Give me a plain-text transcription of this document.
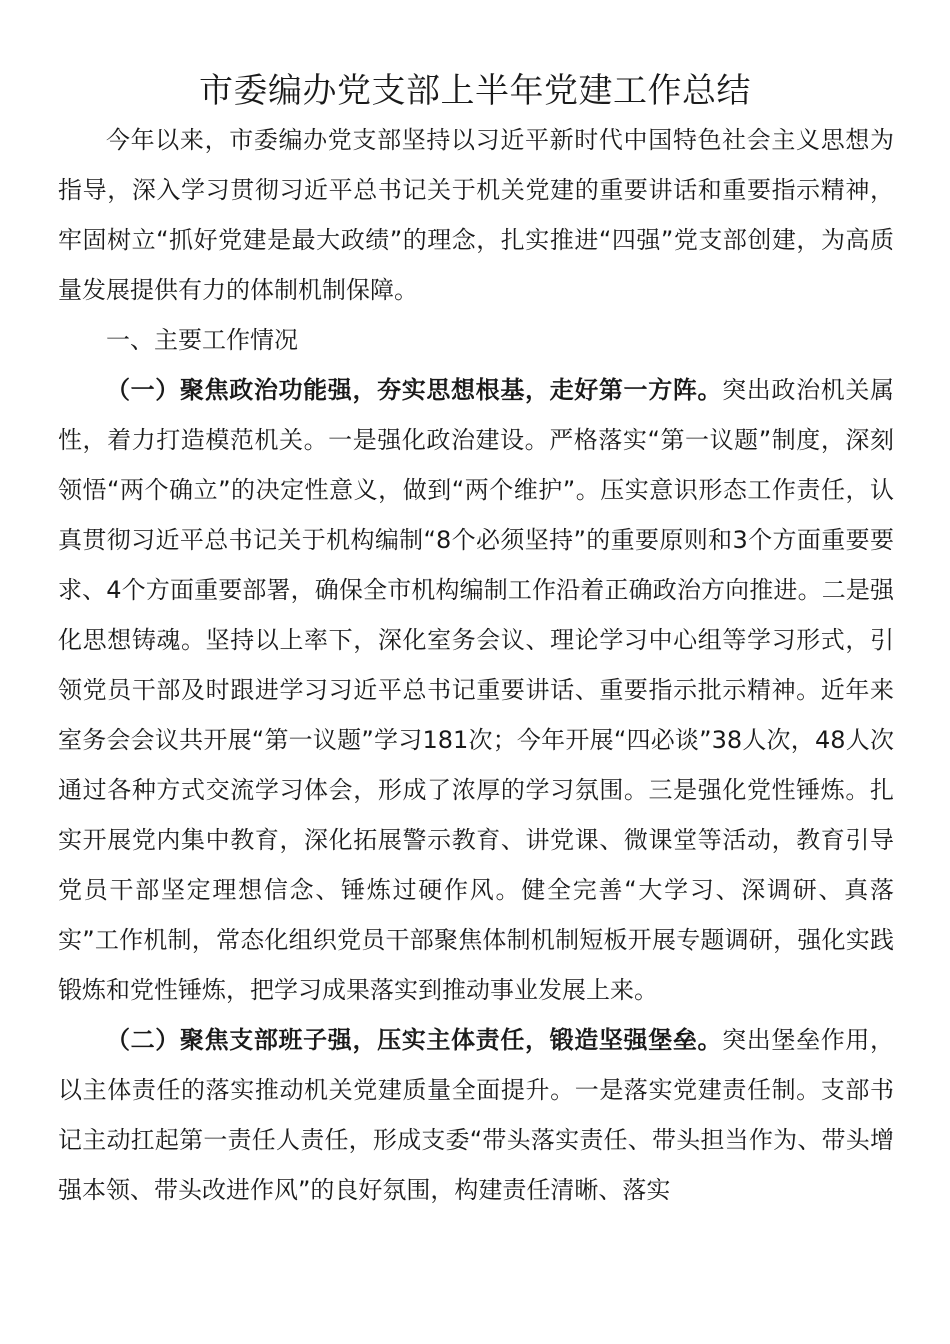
市委编办党支部上半年党建工作总结

今年以来，市委编办党支部坚持以习近平新时代中国特色社会主义思想为指导，深入学习贯彻习近平总书记关于机关党建的重要讲话和重要指示精神，牢固树立“抓好党建是最大政绩”的理念，扎实推进“四强”党支部创建，为高质量发展提供有力的体制机制保障。

一、主要工作情况

（一）聚焦政治功能强，夯实思想根基，走好第一方阵。突出政治机关属性，着力打造模范机关。一是强化政治建设。严格落实“第一议题”制度，深刻领悟“两个确立”的决定性意义，做到“两个维护”。压实意识形态工作责任，认真贯彻习近平总书记关于机构编制“8个必须坚持”的重要原则和3个方面重要要求、4个方面重要部署，确保全市机构编制工作沿着正确政治方向推进。二是强化思想铸魂。坚持以上率下，深化室务会议、理论学习中心组等学习形式，引领党员干部及时跟进学习习近平总书记重要讲话、重要指示批示精神。近年来室务会会议共开展“第一议题”学习181次；今年开展“四必谈”38人次，48人次通过各种方式交流学习体会，形成了浓厚的学习氛围。三是强化党性锤炼。扎实开展党内集中教育，深化拓展警示教育、讲党课、微课堂等活动，教育引导党员干部坚定理想信念、锤炼过硬作风。健全完善“大学习、深调研、真落实”工作机制，常态化组织党员干部聚焦体制机制短板开展专题调研，强化实践锻炼和党性锤炼，把学习成果落实到推动事业发展上来。

（二）聚焦支部班子强，压实主体责任，锻造坚强堡垒。突出堡垒作用，以主体责任的落实推动机关党建质量全面提升。一是落实党建责任制。支部书记主动扛起第一责任人责任，形成支委“带头落实责任、带头担当作为、带头增强本领、带头改进作风”的良好氛围，构建责任清晰、落实
